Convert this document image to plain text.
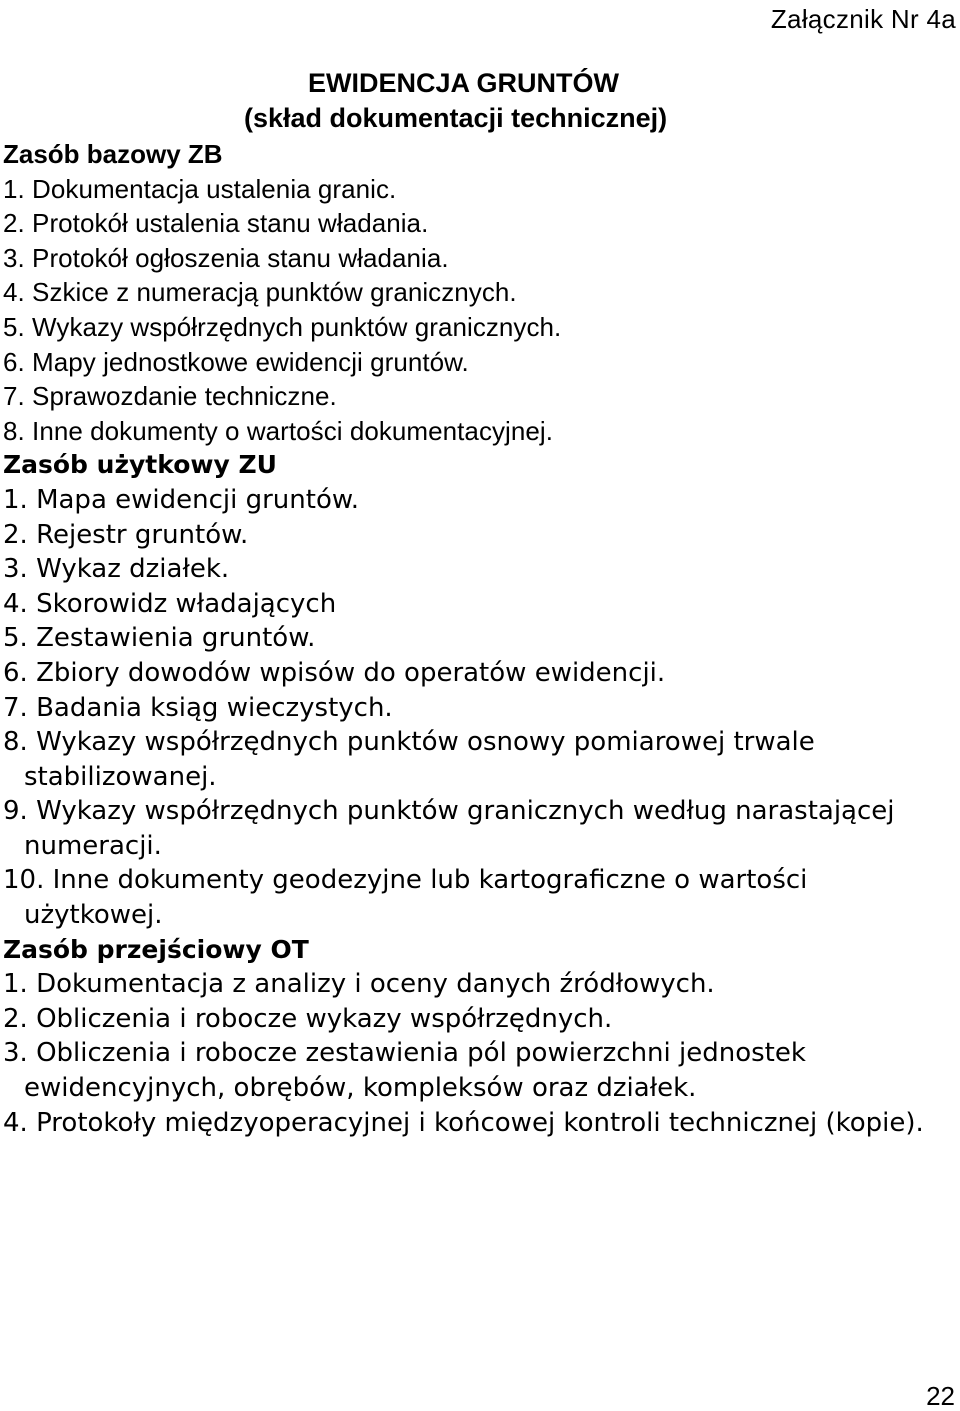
Załącznik Nr 4a
EWIDENCJA GRUNTÓW
(skład dokumentacji technicznej)
Zasób bazowy ZB
1. Dokumentacja ustalenia granic.
2. Protokół ustalenia stanu władania.
3. Protokół ogłoszenia stanu władania.
4. Szkice z numeracją punktów granicznych.
5. Wykazy współrzędnych punktów granicznych.
6. Mapy jednostkowe ewidencji gruntów.
7. Sprawozdanie techniczne.
8. Inne dokumenty o wartości dokumentacyjnej.
Zasób użytkowy ZU
1. Mapa ewidencji gruntów.
2. Rejestr gruntów.
3. Wykaz działek.
4. Skorowidz władających
5. Zestawienia gruntów.
6. Zbiory dowodów wpisów do operatów ewidencji.
7. Badania ksiąg wieczystych.
8. Wykazy współrzędnych punktów osnowy pomiarowej trwale stabilizowanej.
9. Wykazy współrzędnych punktów granicznych według narastającej numeracji.
10. Inne dokumenty geodezyjne lub kartograficzne o wartości użytkowej.
Zasób przejściowy OT
1. Dokumentacja z analizy i oceny danych źródłowych.
2. Obliczenia i robocze wykazy współrzędnych.
3. Obliczenia i robocze zestawienia pól powierzchni jednostek ewidencyjnych, obrębów, kompleksów oraz działek.
4. Protokoły międzyoperacyjnej i końcowej kontroli technicznej (kopie).
22
